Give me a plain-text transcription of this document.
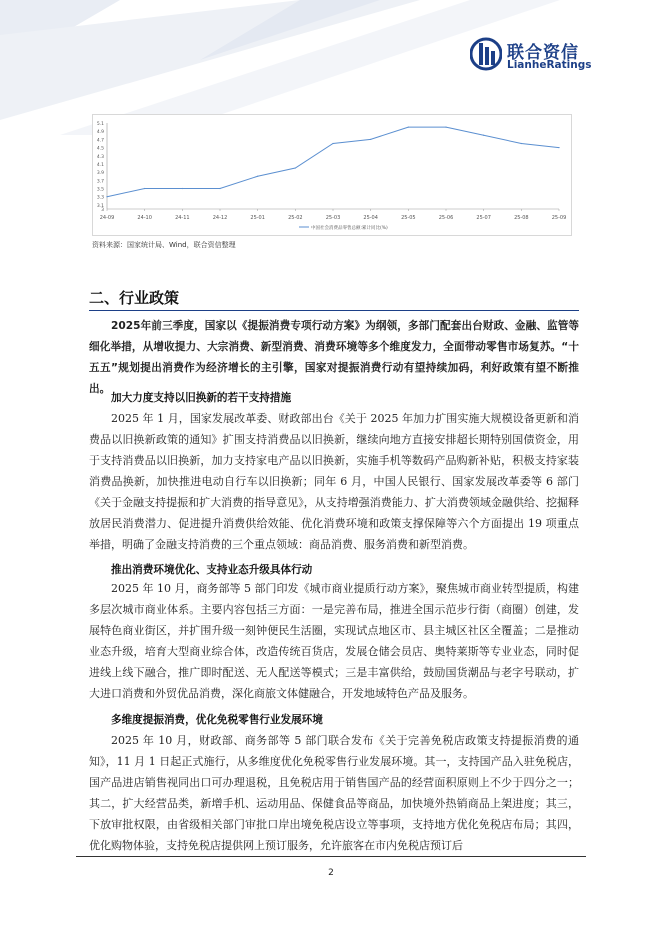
联合资信
LianheRatings
3
3.1
3.3
3.5
3.7
3.9
4.1
4.3
4.5
4.7
4.9
5.1
24-09	24-10	24-11	24-12	25-01	25-02	25-03	25-04	25-05	25-06	25-07	25-08	25-09
中国社会消费品零售总额:累计同比(%)
资料来源：国家统计局、Wind，联合资信整理
二、行业政策

2025年前三季度，国家以《提振消费专项行动方案》为纲领，多部门配套出台财政、金融、监管等细化举措，从增收提力、大宗消费、新型消费、消费环境等多个维度发力，全面带动零售市场复苏。“十五五”规划提出消费作为经济增长的主引擎，国家对提振消费行动有望持续加码，利好政策有望不断推出。

加大力度支持以旧换新的若干支持措施

2025 年 1 月，国家发展改革委、财政部出台《关于 2025 年加力扩围实施大规模设备更新和消费品以旧换新政策的通知》扩围支持消费品以旧换新，继续向地方直接安排超长期特别国债资金，用于支持消费品以旧换新，加力支持家电产品以旧换新，实施手机等数码产品购新补贴，积极支持家装消费品换新，加快推进电动自行车以旧换新；同年 6 月，中国人民银行、国家发展改革委等 6 部门《关于金融支持提振和扩大消费的指导意见》，从支持增强消费能力、扩大消费领域金融供给、挖掘释放居民消费潜力、促进提升消费供给效能、优化消费环境和政策支撑保障等六个方面提出 19 项重点举措，明确了金融支持消费的三个重点领域：商品消费、服务消费和新型消费。

推出消费环境优化、支持业态升级具体行动

2025 年 10 月，商务部等 5 部门印发《城市商业提质行动方案》，聚焦城市商业转型提质，构建多层次城市商业体系。主要内容包括三方面：一是完善布局，推进全国示范步行街（商圈）创建，发展特色商业街区，并扩围升级一刻钟便民生活圈，实现试点地区市、县主城区社区全覆盖；二是推动业态升级，培育大型商业综合体，改造传统百货店，发展仓储会员店、奥特莱斯等专业业态，同时促进线上线下融合，推广即时配送、无人配送等模式；三是丰富供给，鼓励国货潮品与老字号联动，扩大进口消费和外贸优品消费，深化商旅文体健融合，开发地域特色产品及服务。

多维度提振消费，优化免税零售行业发展环境

2025 年 10 月，财政部、商务部等 5 部门联合发布《关于完善免税店政策支持提振消费的通知》，11 月 1 日起正式施行，从多维度优化免税零售行业发展环境。其一，支持国产品入驻免税店，国产品进店销售视同出口可办理退税，且免税店用于销售国产品的经营面积原则上不少于四分之一；其二，扩大经营品类，新增手机、运动用品、保健食品等商品，加快境外热销商品上架进度；其三，下放审批权限，由省级相关部门审批口岸出境免税店设立等事项，支持地方优化免税店布局；其四，优化购物体验，支持免税店提供网上预订服务，允许旅客在市内免税店预订后

2
